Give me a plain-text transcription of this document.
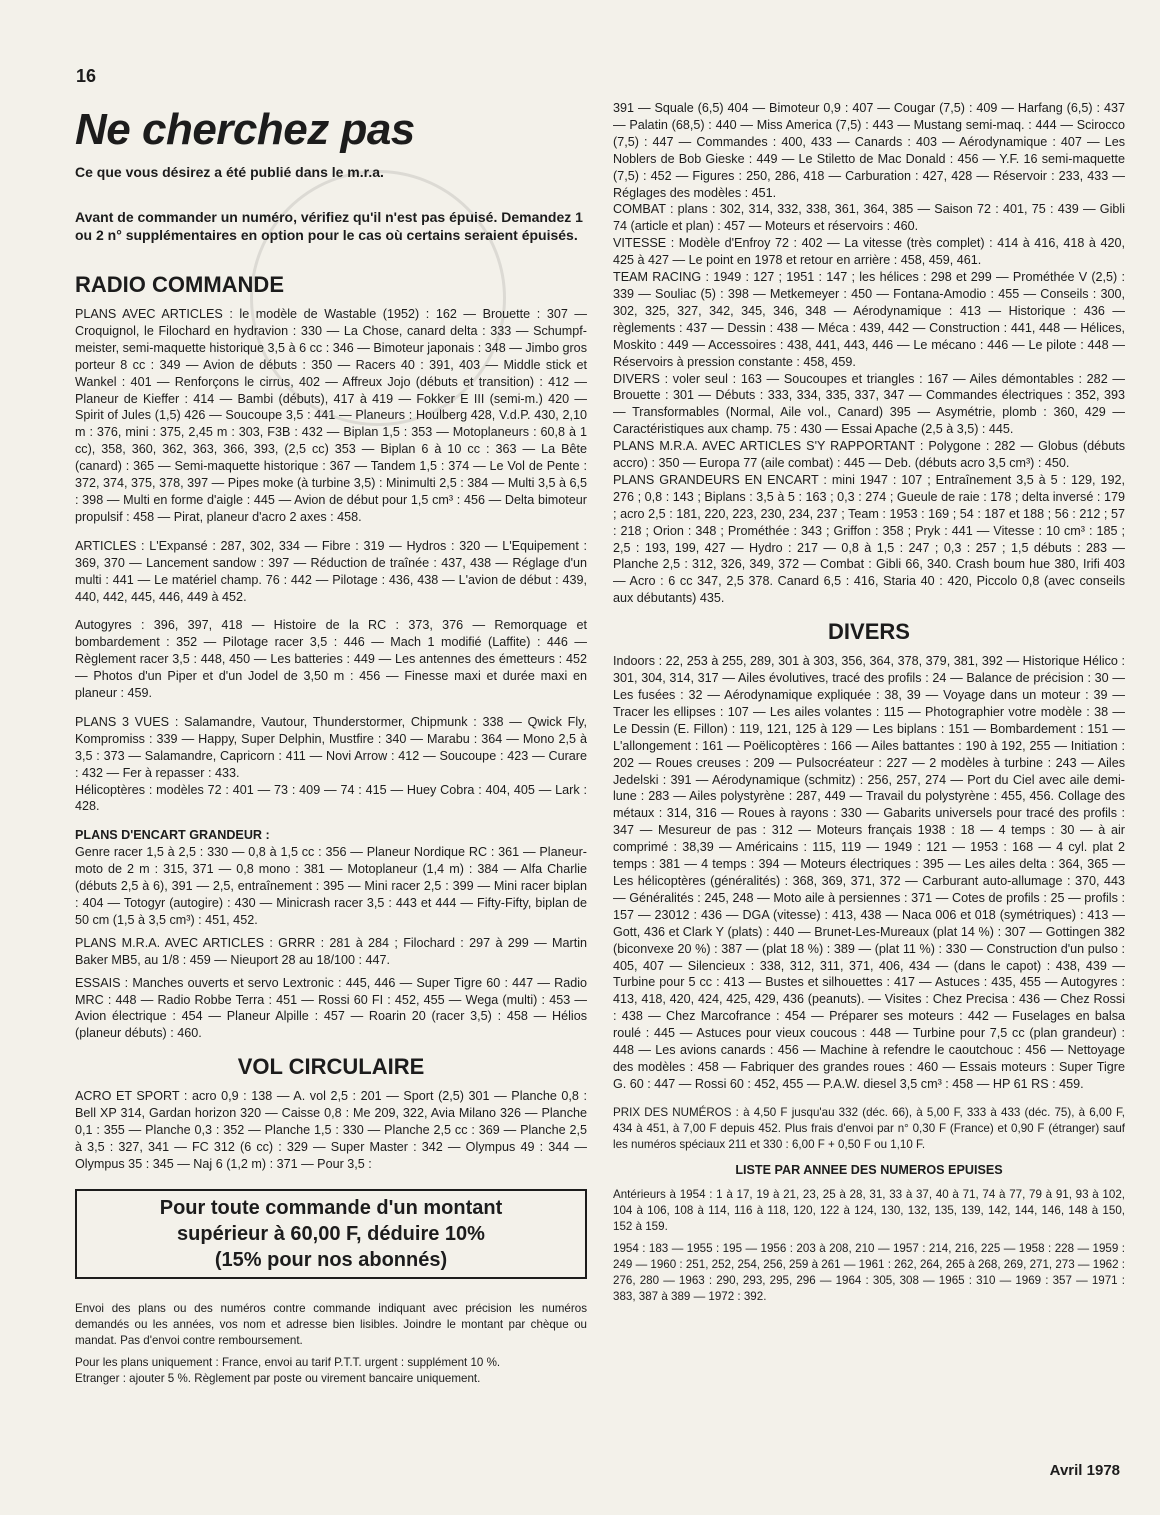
16
Ne cherchez pas
Ce que vous désirez a été publié dans le m.r.a.
Avant de commander un numéro, vérifiez qu'il n'est pas épuisé. Demandez 1 ou 2 n° supplémentaires en option pour le cas où certains seraient épuisés.
RADIO COMMANDE

PLANS AVEC ARTICLES : le modèle de Wastable (1952) : 162 — Brouette : 307 — Croquignol, le Filochard en hydravion : 330 — La Chose, canard delta : 333 — Schumpf-meister, semi-maquette historique 3,5 à 6 cc : 346 — Bimoteur japonais : 348 — Jimbo gros porteur 8 cc : 349 — Avion de débuts : 350 — Racers 40 : 391, 403 — Middle stick et Wankel : 401 — Renforçons le cirrus, 402 — Affreux Jojo (débuts et transition) : 412 — Planeur de Kieffer : 414 — Bambi (débuts), 417 à 419 — Fokker E III (semi-m.) 420 — Spirit of Jules (1,5) 426 — Soucoupe 3,5 : 441 — Planeurs : Houlberg 428, V.d.P. 430, 2,10 m : 376, mini : 375, 2,45 m : 303, F3B : 432 — Biplan 1,5 : 353 — Motoplaneurs : 60,8 à 1 cc), 358, 360, 362, 363, 366, 393, (2,5 cc) 353 — Biplan 6 à 10 cc : 363 — La Bête (canard) : 365 — Semi-maquette historique : 367 — Tandem 1,5 : 374 — Le Vol de Pente : 372, 374, 375, 378, 397 — Pipes moke (à turbine 3,5) : Minimulti 2,5 : 384 — Multi 3,5 à 6,5 : 398 — Multi en forme d'aigle : 445 — Avion de début pour 1,5 cm³ : 456 — Delta bimoteur propulsif : 458 — Pirat, planeur d'acro 2 axes : 458.

ARTICLES : L'Expansé : 287, 302, 334 — Fibre : 319 — Hydros : 320 — L'Equipement : 369, 370 — Lancement sandow : 397 — Réduction de traînée : 437, 438 — Réglage d'un multi : 441 — Le matériel champ. 76 : 442 — Pilotage : 436, 438 — L'avion de début : 439, 440, 442, 445, 446, 449 à 452.

Autogyres : 396, 397, 418 — Histoire de la RC : 373, 376 — Remorquage et bombardement : 352 — Pilotage racer 3,5 : 446 — Mach 1 modifié (Laffite) : 446 — Règlement racer 3,5 : 448, 450 — Les batteries : 449 — Les antennes des émetteurs : 452 — Photos d'un Piper et d'un Jodel de 3,50 m : 456 — Finesse maxi et durée maxi en planeur : 459.

PLANS 3 VUES : Salamandre, Vautour, Thunderstormer, Chipmunk : 338 — Qwick Fly, Kompromiss : 339 — Happy, Super Delphin, Mustfire : 340 — Marabu : 364 — Mono 2,5 à 3,5 : 373 — Salamandre, Capricorn : 411 — Novi Arrow : 412 — Soucoupe : 423 — Curare : 432 — Fer à repasser : 433.

Hélicoptères : modèles 72 : 401 — 73 : 409 — 74 : 415 — Huey Cobra : 404, 405 — Lark : 428.

PLANS D'ENCART GRANDEUR :

Genre racer 1,5 à 2,5 : 330 — 0,8 à 1,5 cc : 356 — Planeur Nordique RC : 361 — Planeur-moto de 2 m : 315, 371 — 0,8 mono : 381 — Motoplaneur (1,4 m) : 384 — Alfa Charlie (débuts 2,5 à 6), 391 — 2,5, entraînement : 395 — Mini racer 2,5 : 399 — Mini racer biplan : 404 — Totogyr (autogire) : 430 — Minicrash racer 3,5 : 443 et 444 — Fifty-Fifty, biplan de 50 cm (1,5 à 3,5 cm³) : 451, 452.

PLANS M.R.A. AVEC ARTICLES : GRRR : 281 à 284 ; Filochard : 297 à 299 — Martin Baker MB5, au 1/8 : 459 — Nieuport 28 au 18/100 : 447.

ESSAIS : Manches ouverts et servo Lextronic : 445, 446 — Super Tigre 60 : 447 — Radio MRC : 448 — Radio Robbe Terra : 451 — Rossi 60 FI : 452, 455 — Wega (multi) : 453 — Avion électrique : 454 — Planeur Alpille : 457 — Roarin 20 (racer 3,5) : 458 — Hélios (planeur débuts) : 460.

VOL CIRCULAIRE

ACRO ET SPORT : acro 0,9 : 138 — A. vol 2,5 : 201 — Sport (2,5) 301 — Planche 0,8 : Bell XP 314, Gardan horizon 320 — Caisse 0,8 : Me 209, 322, Avia Milano 326 — Planche 0,1 : 355 — Planche 0,3 : 352 — Planche 1,5 : 330 — Planche 2,5 cc : 369 — Planche 2,5 à 3,5 : 327, 341 — FC 312 (6 cc) : 329 — Super Master : 342 — Olympus 49 : 344 — Olympus 35 : 345 — Naj 6 (1,2 m) : 371 — Pour 3,5 :

Pour toute commande d'un montant
supérieur à 60,00 F, déduire 10%
(15% pour nos abonnés)

Envoi des plans ou des numéros contre commande indiquant avec précision les numéros demandés ou les années, vos nom et adresse bien lisibles. Joindre le montant par chèque ou mandat. Pas d'envoi contre remboursement.

Pour les plans uniquement : France, envoi au tarif P.T.T. urgent : supplément 10 %.

Etranger : ajouter 5 %. Règlement par poste ou virement bancaire uniquement.

391 — Squale (6,5) 404 — Bimoteur 0,9 : 407 — Cougar (7,5) : 409 — Harfang (6,5) : 437 — Palatin (68,5) : 440 — Miss America (7,5) : 443 — Mustang semi-maq. : 444 — Scirocco (7,5) : 447 — Commandes : 400, 433 — Canards : 403 — Aérodynamique : 407 — Les Noblers de Bob Gieske : 449 — Le Stiletto de Mac Donald : 456 — Y.F. 16 semi-maquette (7,5) : 452 — Figures : 250, 286, 418 — Carburation : 427, 428 — Réservoir : 233, 433 — Réglages des modèles : 451.

COMBAT : plans : 302, 314, 332, 338, 361, 364, 385 — Saison 72 : 401, 75 : 439 — Gibli 74 (article et plan) : 457 — Moteurs et réservoirs : 460.

VITESSE : Modèle d'Enfroy 72 : 402 — La vitesse (très complet) : 414 à 416, 418 à 420, 425 à 427 — Le point en 1978 et retour en arrière : 458, 459, 461.

TEAM RACING : 1949 : 127 ; 1951 : 147 ; les hélices : 298 et 299 — Prométhée V (2,5) : 339 — Souliac (5) : 398 — Metkemeyer : 450 — Fontana-Amodio : 455 — Conseils : 300, 302, 325, 327, 342, 345, 346, 348 — Aérodynamique : 413 — Historique : 436 — règlements : 437 — Dessin : 438 — Méca : 439, 442 — Construction : 441, 448 — Hélices, Moskito : 449 — Accessoires : 438, 441, 443, 446 — Le mécano : 446 — Le pilote : 448 — Réservoirs à pression constante : 458, 459.

DIVERS : voler seul : 163 — Soucoupes et triangles : 167 — Ailes démontables : 282 — Brouette : 301 — Débuts : 333, 334, 335, 337, 347 — Commandes électriques : 352, 393 — Transformables (Normal, Aile vol., Canard) 395 — Asymétrie, plomb : 360, 429 — Caractéristiques aux champ. 75 : 430 — Essai Apache (2,5 à 3,5) : 445.

PLANS M.R.A. AVEC ARTICLES S'Y RAPPORTANT : Polygone : 282 — Globus (débuts accro) : 350 — Europa 77 (aile combat) : 445 — Deb. (débuts acro 3,5 cm³) : 450.

PLANS GRANDEURS EN ENCART : mini 1947 : 107 ; Entraînement 3,5 à 5 : 129, 192, 276 ; 0,8 : 143 ; Biplans : 3,5 à 5 : 163 ; 0,3 : 274 ; Gueule de raie : 178 ; delta inversé : 179 ; acro 2,5 : 181, 220, 223, 230, 234, 237 ; Team : 1953 : 169 ; 54 : 187 et 188 ; 56 : 212 ; 57 : 218 ; Orion : 348 ; Prométhée : 343 ; Griffon : 358 ; Pryk : 441 — Vitesse : 10 cm³ : 185 ; 2,5 : 193, 199, 427 — Hydro : 217 — 0,8 à 1,5 : 247 ; 0,3 : 257 ; 1,5 débuts : 283 — Planche 2,5 : 312, 326, 349, 372 — Combat : Gibli 66, 340. Crash boum hue 380, Irifi 403 — Acro : 6 cc 347, 2,5 378. Canard 6,5 : 416, Staria 40 : 420, Piccolo 0,8 (avec conseils aux débutants) 435.

DIVERS

Indoors : 22, 253 à 255, 289, 301 à 303, 356, 364, 378, 379, 381, 392 — Historique Hélico : 301, 304, 314, 317 — Ailes évolutives, tracé des profils : 24 — Balance de précision : 30 — Les fusées : 32 — Aérodynamique expliquée : 38, 39 — Voyage dans un moteur : 39 — Tracer les ellipses : 107 — Les ailes volantes : 115 — Photographier votre modèle : 38 — Le Dessin (E. Fillon) : 119, 121, 125 à 129 — Les biplans : 151 — Bombardement : 151 — L'allongement : 161 — Poëlicoptères : 166 — Ailes battantes : 190 à 192, 255 — Initiation : 202 — Roues creuses : 209 — Pulsocréateur : 227 — 2 modèles à turbine : 243 — Ailes Jedelski : 391 — Aérodynamique (schmitz) : 256, 257, 274 — Port du Ciel avec aile demi-lune : 283 — Ailes polystyrène : 287, 449 — Travail du polystyrène : 455, 456. Collage des métaux : 314, 316 — Roues à rayons : 330 — Gabarits universels pour tracé des profils : 347 — Mesureur de pas : 312 — Moteurs français 1938 : 18 — 4 temps : 30 — à air comprimé : 38,39 — Américains : 115, 119 — 1949 : 121 — 1953 : 168 — 4 cyl. plat 2 temps : 381 — 4 temps : 394 — Moteurs électriques : 395 — Les ailes delta : 364, 365 — Les hélicoptères (généralités) : 368, 369, 371, 372 — Carburant auto-allumage : 370, 443 — Généralités : 245, 248 — Moto aile à persiennes : 371 — Cotes de profils : 25 — profils : 157 — 23012 : 436 — DGA (vitesse) : 413, 438 — Naca 006 et 018 (symétriques) : 413 — Gott, 436 et Clark Y (plats) : 440 — Brunet-Les-Mureaux (plat 14 %) : 307 — Gottingen 382 (biconvexe 20 %) : 387 — (plat 18 %) : 389 — (plat 11 %) : 330 — Construction d'un pulso : 405, 407 — Silencieux : 338, 312, 311, 371, 406, 434 — (dans le capot) : 438, 439 — Turbine pour 5 cc : 413 — Bustes et silhouettes : 417 — Astuces : 435, 455 — Autogyres : 413, 418, 420, 424, 425, 429, 436 (peanuts). — Visites : Chez Precisa : 436 — Chez Rossi : 438 — Chez Marcofrance : 454 — Préparer ses moteurs : 442 — Fuselages en balsa roulé : 445 — Astuces pour vieux coucous : 448 — Turbine pour 7,5 cc (plan grandeur) : 448 — Les avions canards : 456 — Machine à refendre le caoutchouc : 456 — Nettoyage des modèles : 458 — Fabriquer des grandes roues : 460 — Essais moteurs : Super Tigre G. 60 : 447 — Rossi 60 : 452, 455 — P.A.W. diesel 3,5 cm³ : 458 — HP 61 RS : 459.

PRIX DES NUMÉROS : à 4,50 F jusqu'au 332 (déc. 66), à 5,00 F, 333 à 433 (déc. 75), à 6,00 F, 434 à 451, à 7,00 F depuis 452. Plus frais d'envoi par n° 0,30 F (France) et 0,90 F (étranger) sauf les numéros spéciaux 211 et 330 : 6,00 F + 0,50 F ou 1,10 F.

LISTE PAR ANNEE DES NUMEROS EPUISES

Antérieurs à 1954 : 1 à 17, 19 à 21, 23, 25 à 28, 31, 33 à 37, 40 à 71, 74 à 77, 79 à 91, 93 à 102, 104 à 106, 108 à 114, 116 à 118, 120, 122 à 124, 130, 132, 135, 139, 142, 144, 146, 148 à 150, 152 à 159.

1954 : 183 — 1955 : 195 — 1956 : 203 à 208, 210 — 1957 : 214, 216, 225 — 1958 : 228 — 1959 : 249 — 1960 : 251, 252, 254, 256, 259 à 261 — 1961 : 262, 264, 265 à 268, 269, 271, 273 — 1962 : 276, 280 — 1963 : 290, 293, 295, 296 — 1964 : 305, 308 — 1965 : 310 — 1969 : 357 — 1971 : 383, 387 à 389 — 1972 : 392.

Avril 1978
